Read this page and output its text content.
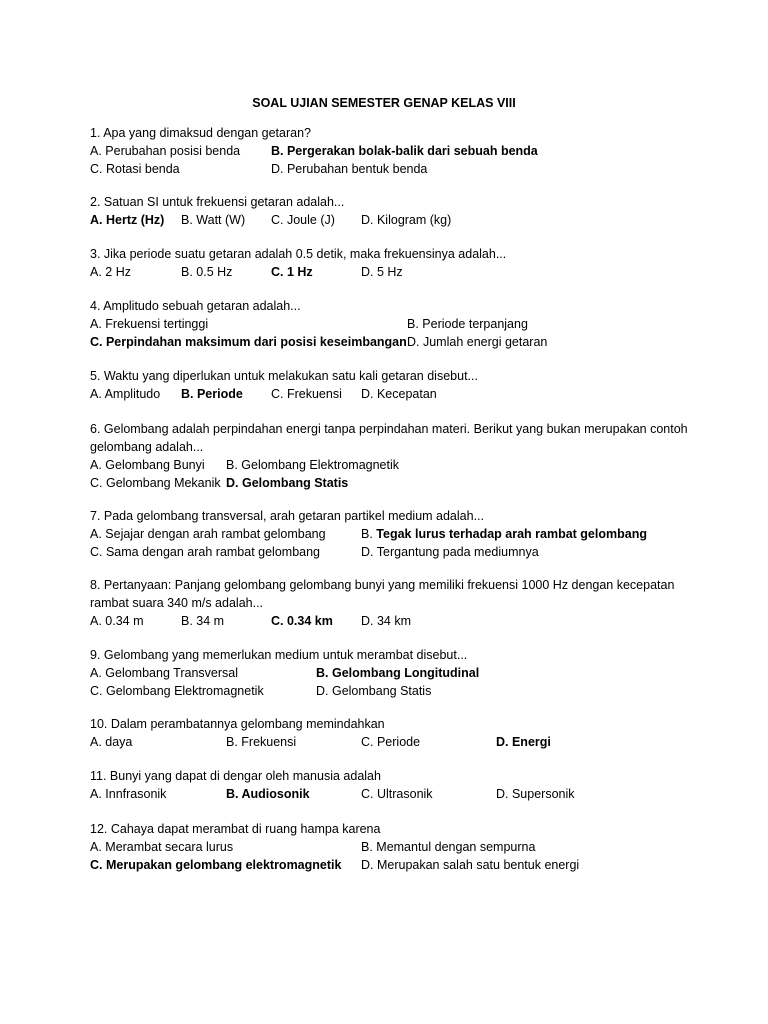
SOAL UJIAN SEMESTER GENAP KELAS VIII
1. Apa yang dimaksud dengan getaran?
A. Perubahan posisi benda B. Pergerakan bolak-balik dari sebuah benda
C. Rotasi benda	D. Perubahan bentuk benda
2. Satuan SI untuk frekuensi getaran adalah...
A. Hertz (Hz) B. Watt (W) C. Joule (J) D. Kilogram (kg)
3. Jika periode suatu getaran adalah 0.5 detik, maka frekuensinya adalah...
A. 2 Hz	B. 0.5 Hz	C. 1 Hz	D. 5 Hz
4. Amplitudo sebuah getaran adalah...
A. Frekuensi tertinggi	B. Periode terpanjang
C. Perpindahan maksimum dari posisi keseimbangan D. Jumlah energi getaran
5. Waktu yang diperlukan untuk melakukan satu kali getaran disebut...
A. Amplitudo B. Periode C. Frekuensi D. Kecepatan
6. Gelombang adalah perpindahan energi tanpa perpindahan materi. Berikut yang bukan merupakan contoh gelombang adalah...
A. Gelombang Bunyi B. Gelombang Elektromagnetik
C. Gelombang Mekanik D. Gelombang Statis
7. Pada gelombang transversal, arah getaran partikel medium adalah...
A. Sejajar dengan arah rambat gelombang	B. Tegak lurus terhadap arah rambat gelombang
C. Sama dengan arah rambat gelombang	D. Tergantung pada mediumnya
8. Pertanyaan: Panjang gelombang gelombang bunyi yang memiliki frekuensi 1000 Hz dengan kecepatan rambat suara 340 m/s adalah...
A. 0.34 m	B. 34 m	C. 0.34 km D. 34 km
9. Gelombang yang memerlukan medium untuk merambat disebut...
A. Gelombang Transversal	B. Gelombang Longitudinal
C. Gelombang Elektromagnetik	D. Gelombang Statis
10. Dalam perambatannya gelombang memindahkan
A. daya	B. Frekuensi	C. Periode	D. Energi
11. Bunyi yang dapat di dengar oleh manusia adalah
A. Innfrasonik	B. Audiosonik	C. Ultrasonik	D. Supersonik
12. Cahaya dapat merambat di ruang hampa karena
A. Merambat secara lurus	B. Memantul dengan sempurna
C. Merupakan gelombang elektromagnetik D. Merupakan salah satu bentuk energi
